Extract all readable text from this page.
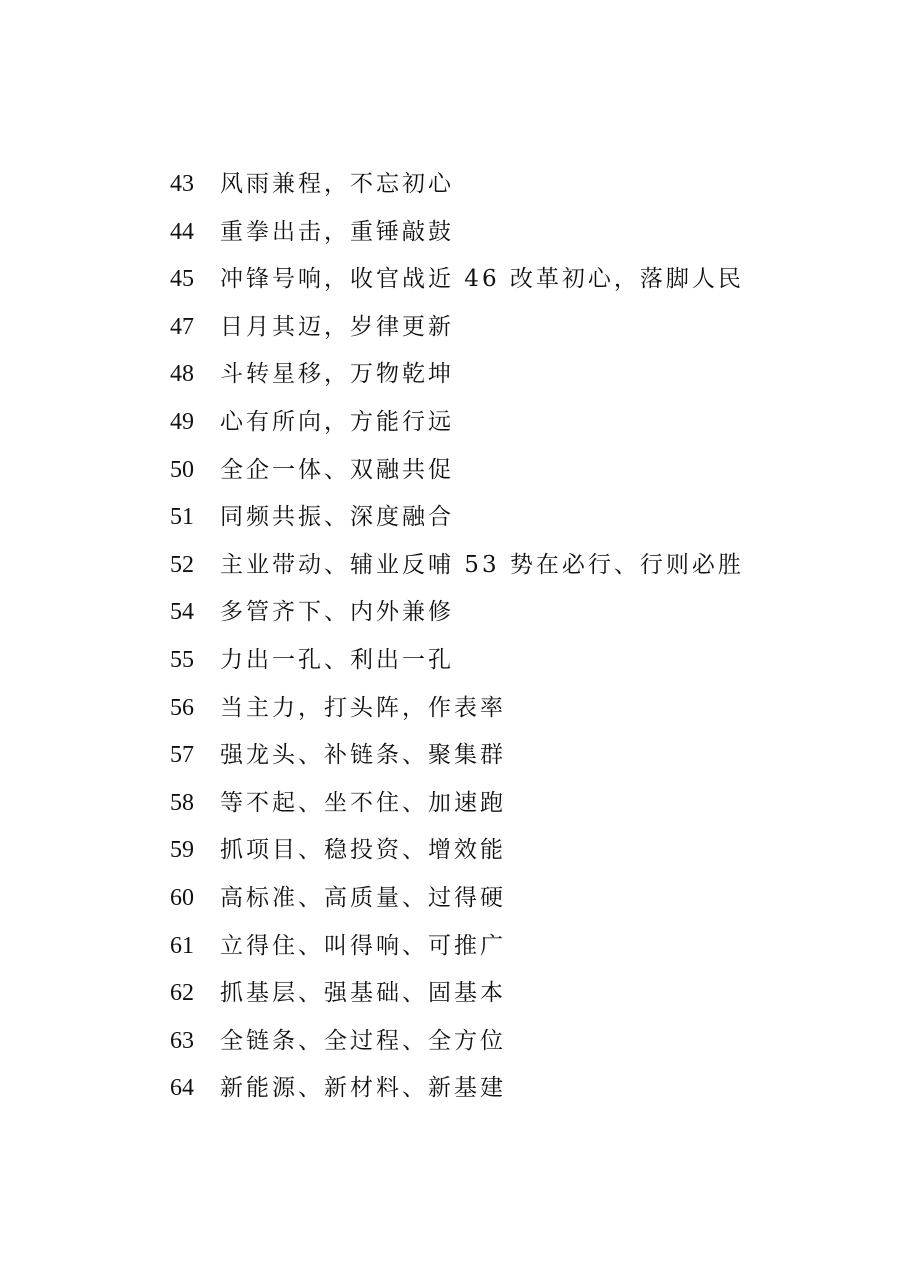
43 风雨兼程，不忘初心
44 重拳出击，重锤敲鼓
45 冲锋号响，收官战近 46 改革初心，落脚人民
47 日月其迈，岁律更新
48 斗转星移，万物乾坤
49 心有所向，方能行远
50 全企一体、双融共促
51 同频共振、深度融合
52 主业带动、辅业反哺 53 势在必行、行则必胜
54 多管齐下、内外兼修
55 力出一孔、利出一孔
56 当主力，打头阵，作表率
57 强龙头、补链条、聚集群
58 等不起、坐不住、加速跑
59 抓项目、稳投资、增效能
60 高标准、高质量、过得硬
61 立得住、叫得响、可推广
62 抓基层、强基础、固基本
63 全链条、全过程、全方位
64 新能源、新材料、新基建
